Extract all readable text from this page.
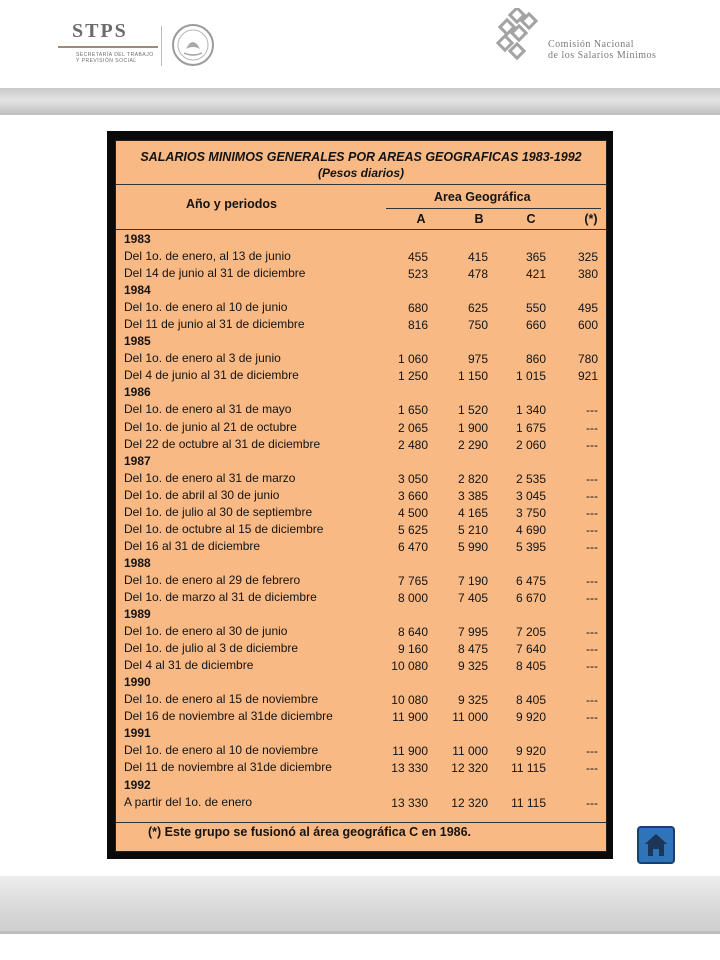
STPS
SECRETARÍA DEL TRABAJO
Y PREVISIÓN SOCIAL
Comisión Nacional
de los Salarios Mínimos
SALARIOS MINIMOS GENERALES POR AREAS GEOGRAFICAS 1983-1992
(Pesos diarios)
Año y periodos	Area Geográfica
A	B	C	(*)
1983
Del 1o. de enero, al 13 de junio	455	415	365	325
Del 14 de junio al 31 de diciembre	523	478	421	380
1984
Del 1o. de enero al 10 de junio	680	625	550	495
Del 11 de junio al 31 de diciembre	816	750	660	600
1985
Del 1o. de enero al 3 de junio	1 060	975	860	780
Del 4 de junio al 31 de diciembre	1 250	1 150	1 015	921
1986
Del 1o. de enero al 31 de mayo	1 650	1 520	1 340	---
Del 1o. de junio al 21 de octubre	2 065	1 900	1 675	---
Del 22 de octubre al 31 de diciembre	2 480	2 290	2 060	---
1987
Del 1o. de enero al 31 de marzo	3 050	2 820	2 535	---
Del 1o. de abril al 30 de junio	3 660	3 385	3 045	---
Del 1o. de julio al 30 de septiembre	4 500	4 165	3 750	---
Del 1o. de octubre al 15 de diciembre	5 625	5 210	4 690	---
Del 16 al 31 de diciembre	6 470	5 990	5 395	---
1988
Del 1o. de enero al 29 de febrero	7 765	7 190	6 475	---
Del 1o. de marzo al 31 de diciembre	8 000	7 405	6 670	---
1989
Del 1o. de enero al 30 de junio	8 640	7 995	7 205	---
Del 1o. de julio al 3 de diciembre	9 160	8 475	7 640	---
Del 4 al 31 de diciembre	10 080	9 325	8 405	---
1990
Del 1o. de enero al 15 de noviembre	10 080	9 325	8 405	---
Del 16 de noviembre al 31de diciembre	11 900	11 000	9 920	---
1991
Del 1o. de enero al 10 de noviembre	11 900	11 000	9 920	---
Del 11 de noviembre al 31de diciembre	13 330	12 320	11 115	---
1992
A partir del 1o. de enero	13 330	12 320	11 115	---
(*) Este grupo se fusionó al área geográfica C en 1986.
